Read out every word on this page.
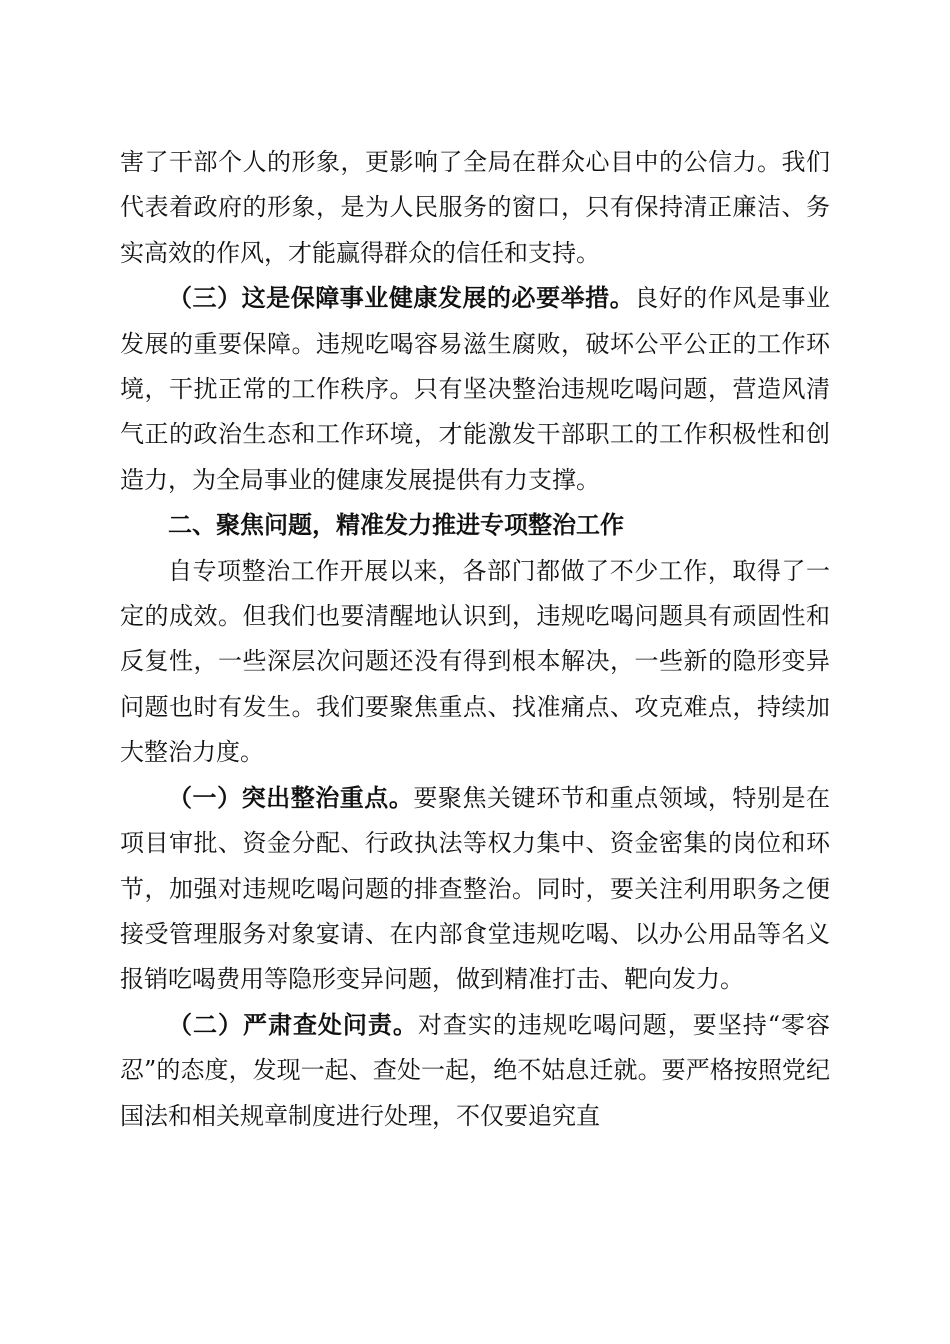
害了干部个人的形象，更影响了全局在群众心目中的公信力。我们代表着政府的形象，是为人民服务的窗口，只有保持清正廉洁、务实高效的作风，才能赢得群众的信任和支持。

（三）这是保障事业健康发展的必要举措。良好的作风是事业发展的重要保障。违规吃喝容易滋生腐败，破坏公平公正的工作环境，干扰正常的工作秩序。只有坚决整治违规吃喝问题，营造风清气正的政治生态和工作环境，才能激发干部职工的工作积极性和创造力，为全局事业的健康发展提供有力支撑。

二、聚焦问题，精准发力推进专项整治工作

自专项整治工作开展以来，各部门都做了不少工作，取得了一定的成效。但我们也要清醒地认识到，违规吃喝问题具有顽固性和反复性，一些深层次问题还没有得到根本解决，一些新的隐形变异问题也时有发生。我们要聚焦重点、找准痛点、攻克难点，持续加大整治力度。

（一）突出整治重点。要聚焦关键环节和重点领域，特别是在项目审批、资金分配、行政执法等权力集中、资金密集的岗位和环节，加强对违规吃喝问题的排查整治。同时，要关注利用职务之便接受管理服务对象宴请、在内部食堂违规吃喝、以办公用品等名义报销吃喝费用等隐形变异问题，做到精准打击、靶向发力。

（二）严肃查处问责。对查实的违规吃喝问题，要坚持“零容忍”的态度，发现一起、查处一起，绝不姑息迁就。要严格按照党纪国法和相关规章制度进行处理，不仅要追究直
